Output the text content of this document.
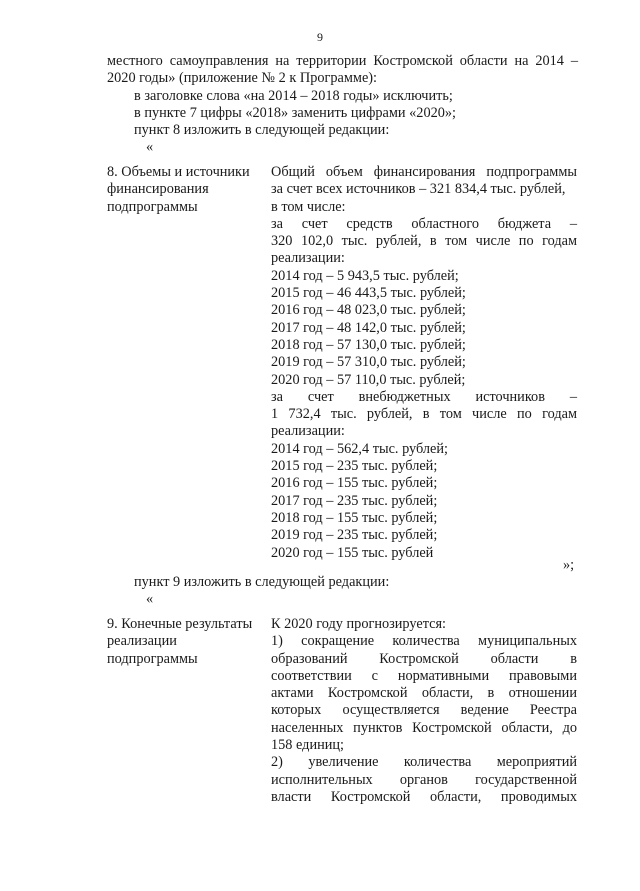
9
местного самоуправления на территории Костромской области на 2014 –
2020 годы» (приложение № 2 к Программе):
в заголовке слова «на 2014 – 2018 годы» исключить;
в пункте 7 цифры «2018» заменить цифрами «2020»;
пункт 8 изложить в следующей редакции:
«
8. Объемы и источники
финансирования
подпрограммы
Общий объем финансирования подпрограммы
за счет всех источников – 321 834,4 тыс. рублей,
в том числе:
за счет средств областного бюджета –
320 102,0 тыс. рублей, в том числе по годам
реализации:
2014 год – 5 943,5 тыс. рублей;
2015 год – 46 443,5 тыс. рублей;
2016 год – 48 023,0 тыс. рублей;
2017 год – 48 142,0 тыс. рублей;
2018 год – 57 130,0 тыс. рублей;
2019 год – 57 310,0 тыс. рублей;
2020 год – 57 110,0 тыс. рублей;
за счет внебюджетных источников –
1 732,4 тыс. рублей, в том числе по годам
реализации:
2014 год – 562,4 тыс. рублей;
2015 год – 235 тыс. рублей;
2016 год – 155 тыс. рублей;
2017 год – 235 тыс. рублей;
2018 год – 155 тыс. рублей;
2019 год – 235 тыс. рублей;
2020 год – 155 тыс. рублей
»;
пункт 9 изложить в следующей редакции:
«
9. Конечные результаты
реализации
подпрограммы
К 2020 году прогнозируется:
1) сокращение количества муниципальных
образований Костромской области в
соответствии с нормативными правовыми
актами Костромской области, в отношении
которых осуществляется ведение Реестра
населенных пунктов Костромской области, до
158 единиц;
2) увеличение количества мероприятий
исполнительных органов государственной
власти Костромской области, проводимых
